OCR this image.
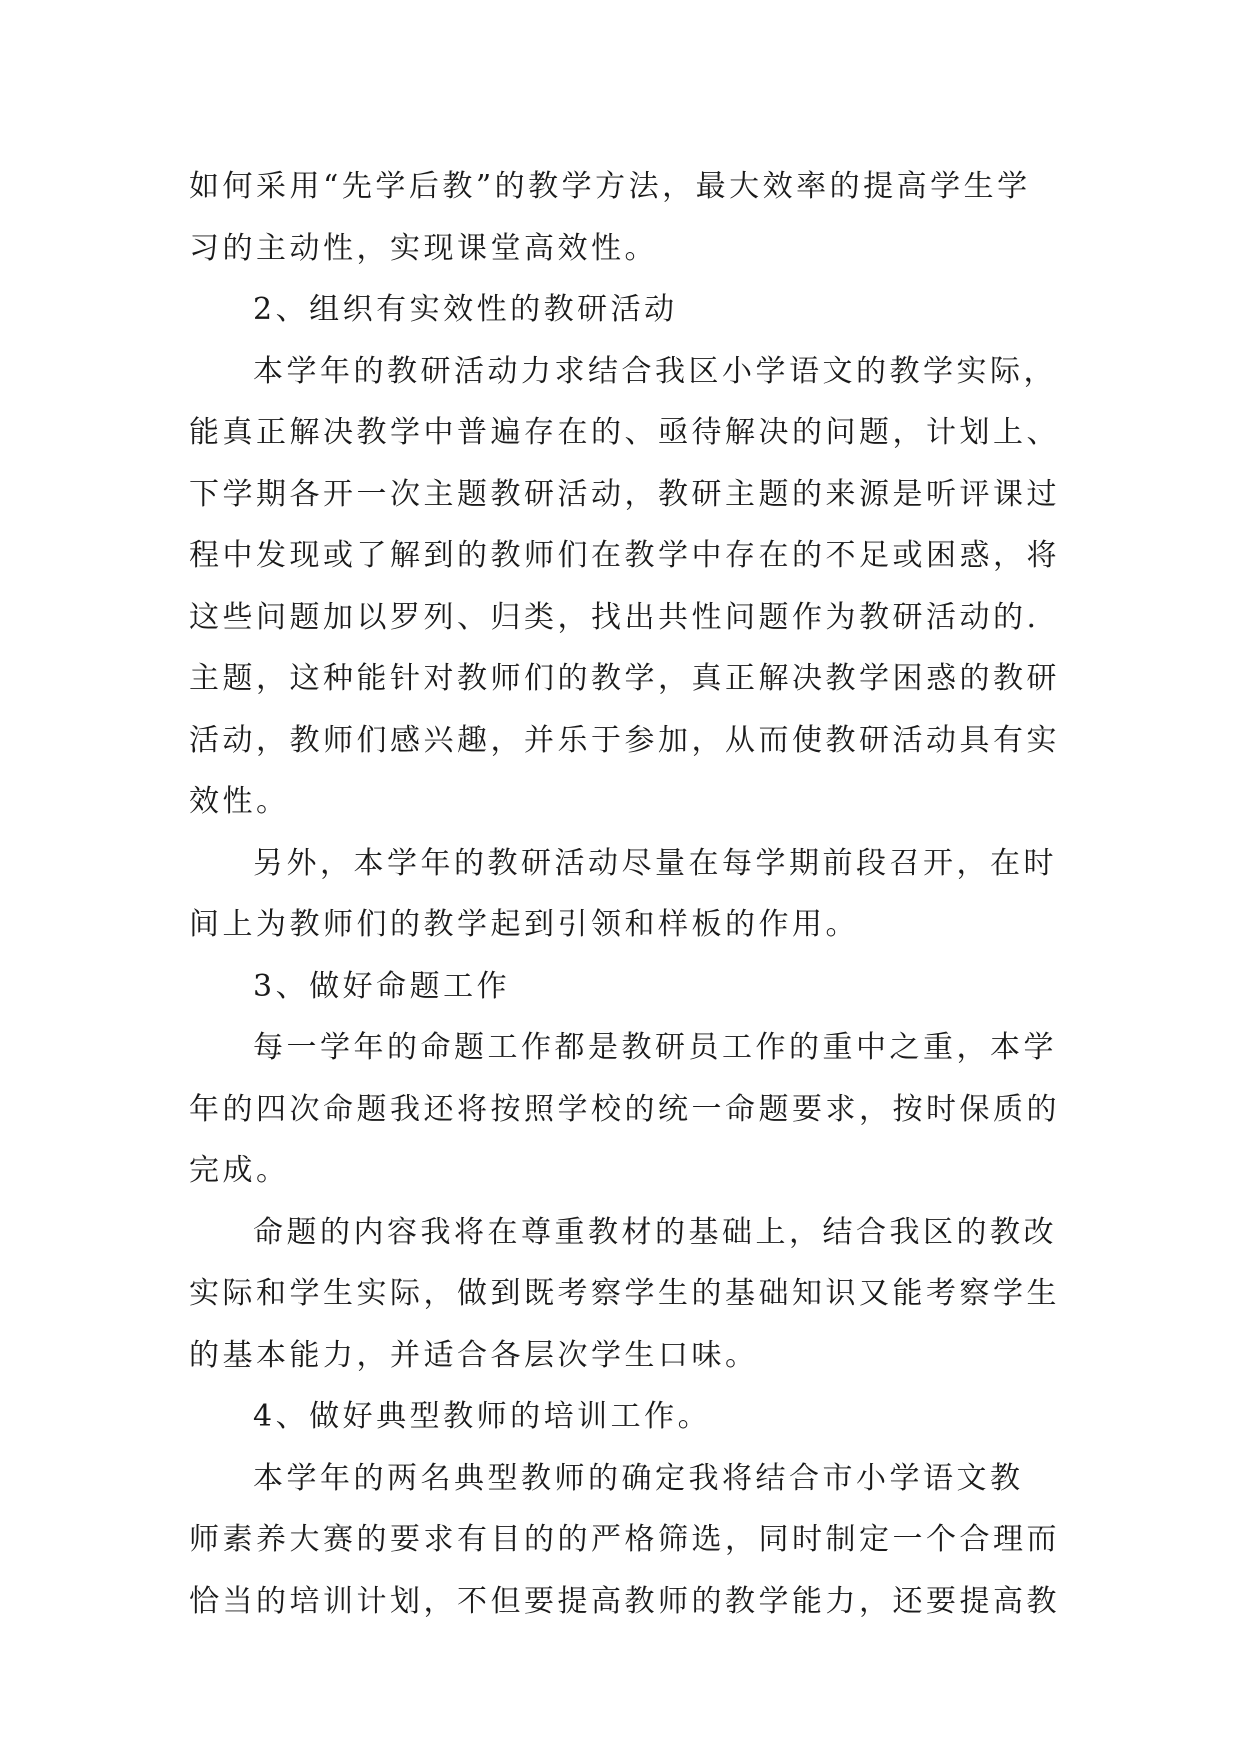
如何采用“先学后教”的教学方法，最大效率的提高学生学
习的主动性，实现课堂高效性。
2、组织有实效性的教研活动
本学年的教研活动力求结合我区小学语文的教学实际，
能真正解决教学中普遍存在的、亟待解决的问题，计划上、
下学期各开一次主题教研活动，教研主题的来源是听评课过
程中发现或了解到的教师们在教学中存在的不足或困惑，将
这些问题加以罗列、归类，找出共性问题作为教研活动的.
主题，这种能针对教师们的教学，真正解决教学困惑的教研
活动，教师们感兴趣，并乐于参加，从而使教研活动具有实
效性。
另外，本学年的教研活动尽量在每学期前段召开，在时
间上为教师们的教学起到引领和样板的作用。
3、做好命题工作
每一学年的命题工作都是教研员工作的重中之重，本学
年的四次命题我还将按照学校的统一命题要求，按时保质的
完成。
命题的内容我将在尊重教材的基础上，结合我区的教改
实际和学生实际，做到既考察学生的基础知识又能考察学生
的基本能力，并适合各层次学生口味。
4、做好典型教师的培训工作。
本学年的两名典型教师的确定我将结合市小学语文教
师素养大赛的要求有目的的严格筛选，同时制定一个合理而
恰当的培训计划，不但要提高教师的教学能力，还要提高教
